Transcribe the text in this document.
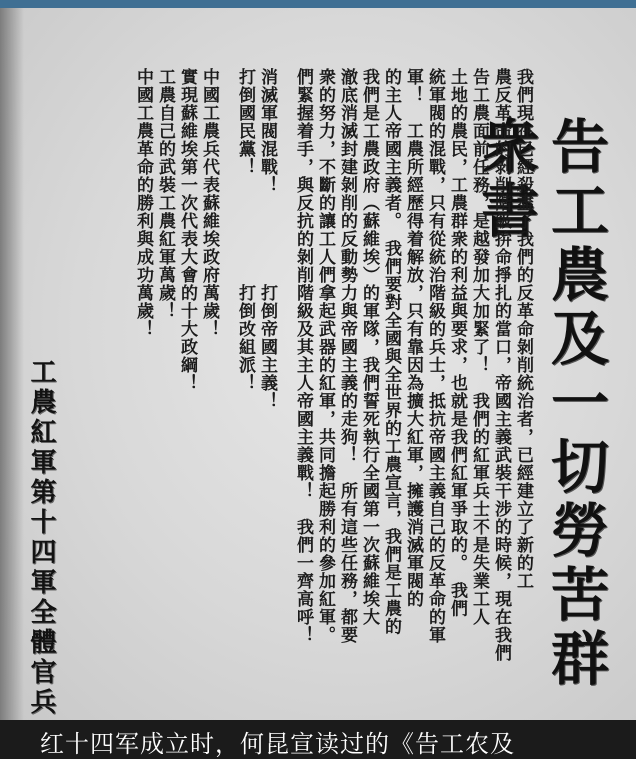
告工農及一切勞苦群衆書
我們現在已經殺盡了我們的反革命剝削統治者，已經建立了新的工
農反革命的剝削階級拚命掙扎的當口，帝國主義武裝干涉的時候，現在我們
告工農面前任務，是越發加大加緊了！　我們的紅軍兵士不是失業工人
土地的農民，工農群衆的利益與要求，也就是我們紅軍爭取的。　我們
統軍閥的混戰，只有從統治階級的兵士，抵抗帝國主義自己的反革命的軍
軍！　工農所經歷得着解放，只有靠因為擴大紅軍，擁護消滅軍閥的
的主人帝國主義者。　我們要對全國與全世界的工農宣言，我們是工農的
我們是工農政府（蘇維埃）的軍隊，我們誓死執行全國第一次蘇維埃大
澈底消滅封建剝削的反動勢力與帝國主義的走狗！　所有這些任務，都要
衆的努力，不斷的讓工人們拿起武器的紅軍，共同擔起勝利的參加紅軍。
們緊握着手，與反抗的剝削階級及其主人帝國主義戰！　我們一齊高呼！
消滅軍閥混戰！　　　　　打倒帝國主義！
打倒國民黨！　　　　　　打倒改組派！
中國工農兵代表蘇維埃政府萬歲！
實現蘇維埃第一次代表大會的十大政綱！
工農自己的武裝工農紅軍萬歲！
中國工農革命的勝利與成功萬歲！
工農紅軍第十四軍全體官兵
红十四军成立时，何昆宣读过的《告工农及
